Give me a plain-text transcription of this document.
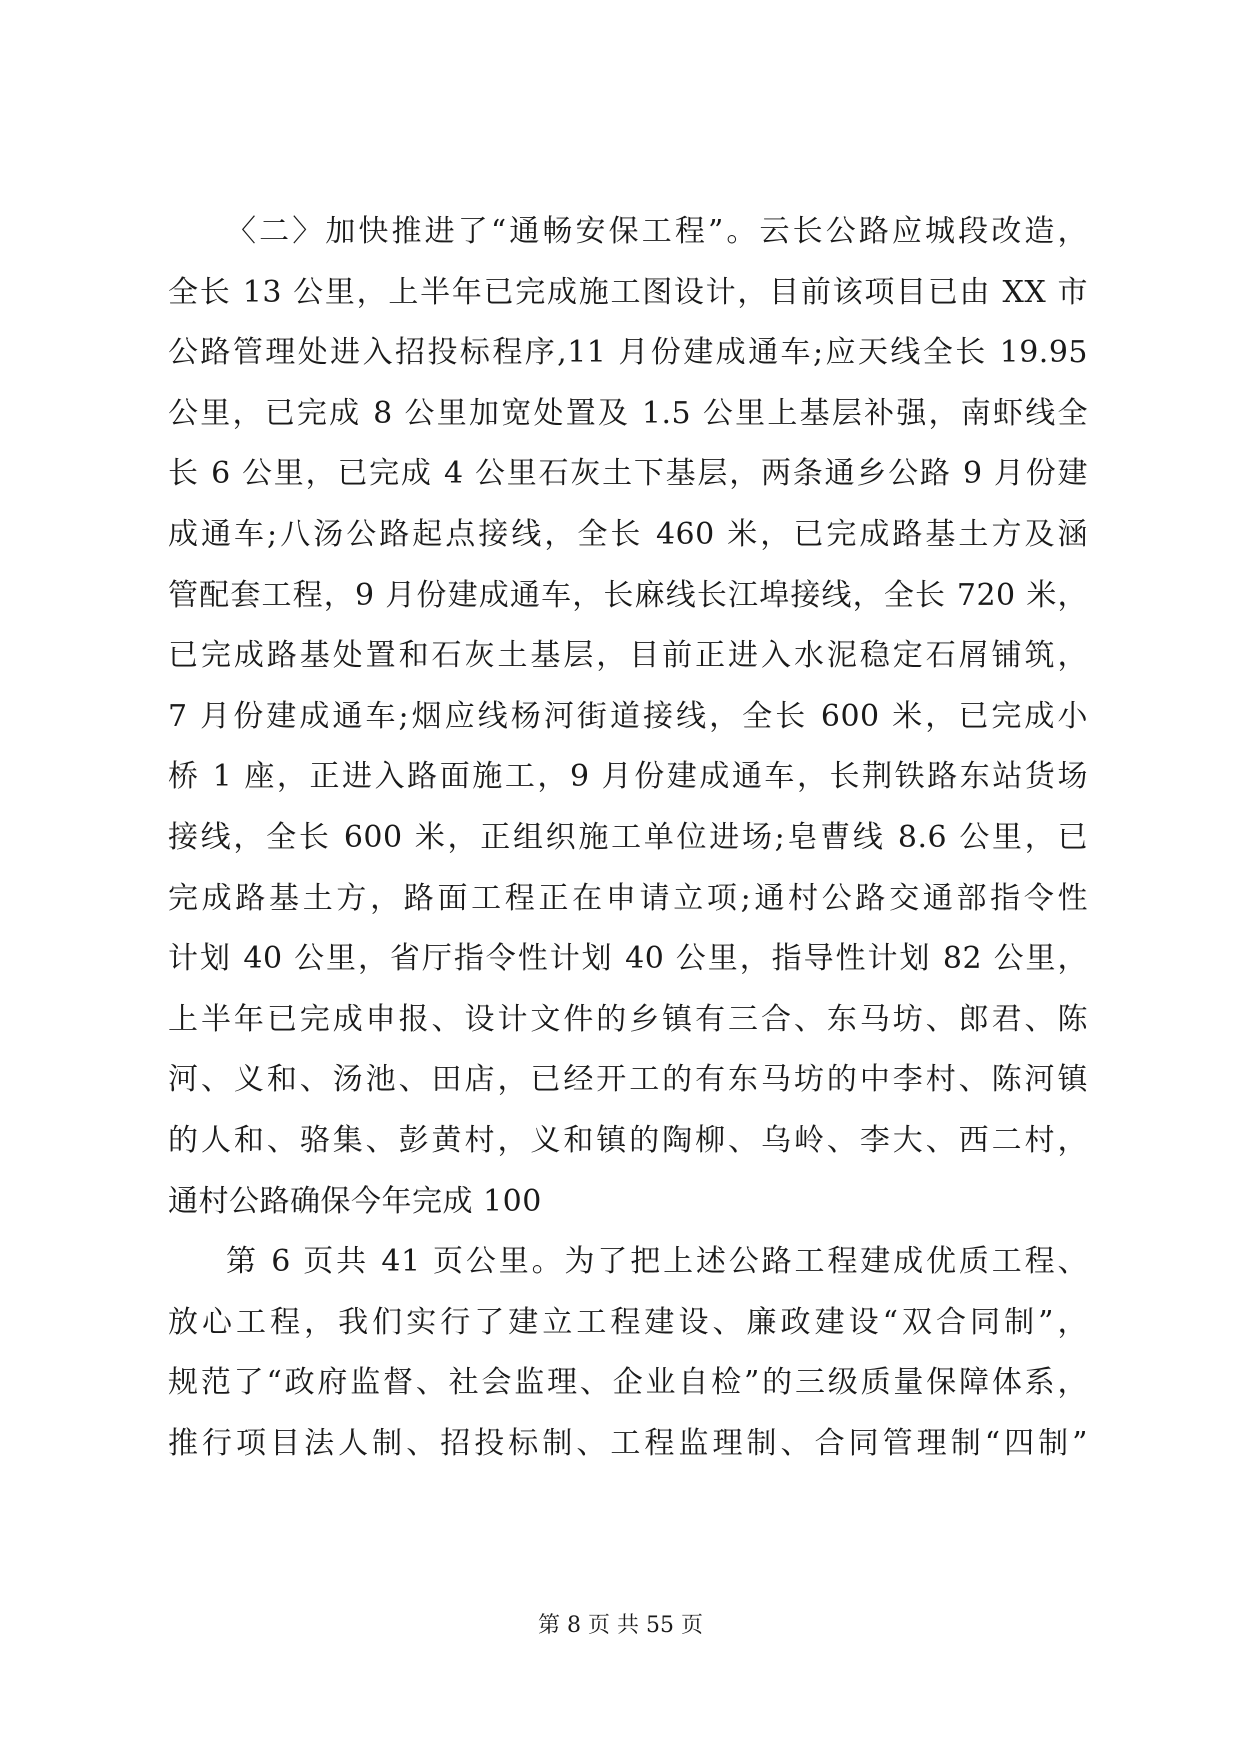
〈二〉加快推进了“通畅安保工程”。云长公路应城段改造，
全长 13 公里，上半年已完成施工图设计，目前该项目已由 XX 市
公路管理处进入招投标程序,11 月份建成通车;应天线全长 19.95
公里，已完成 8 公里加宽处置及 1.5 公里上基层补强，南虾线全
长 6 公里，已完成 4 公里石灰土下基层，两条通乡公路 9 月份建
成通车;八汤公路起点接线，全长 460 米，已完成路基土方及涵
管配套工程，9 月份建成通车，长麻线长江埠接线，全长 720 米，
已完成路基处置和石灰土基层，目前正进入水泥稳定石屑铺筑，
7 月份建成通车;烟应线杨河街道接线，全长 600 米，已完成小
桥 1 座，正进入路面施工，9 月份建成通车，长荆铁路东站货场
接线，全长 600 米，正组织施工单位进场;皂曹线 8.6 公里，已
完成路基土方，路面工程正在申请立项;通村公路交通部指令性
计划 40 公里，省厅指令性计划 40 公里，指导性计划 82 公里，
上半年已完成申报、设计文件的乡镇有三合、东马坊、郎君、陈
河、义和、汤池、田店，已经开工的有东马坊的中李村、陈河镇
的人和、骆集、彭黄村，义和镇的陶柳、乌岭、李大、西二村，
通村公路确保今年完成 100
第 6 页共 41 页公里。为了把上述公路工程建成优质工程、
放心工程，我们实行了建立工程建设、廉政建设“双合同制”，
规范了“政府监督、社会监理、企业自检”的三级质量保障体系，
推行项目法人制、招投标制、工程监理制、合同管理制“四制”
第 8 页 共 55 页
